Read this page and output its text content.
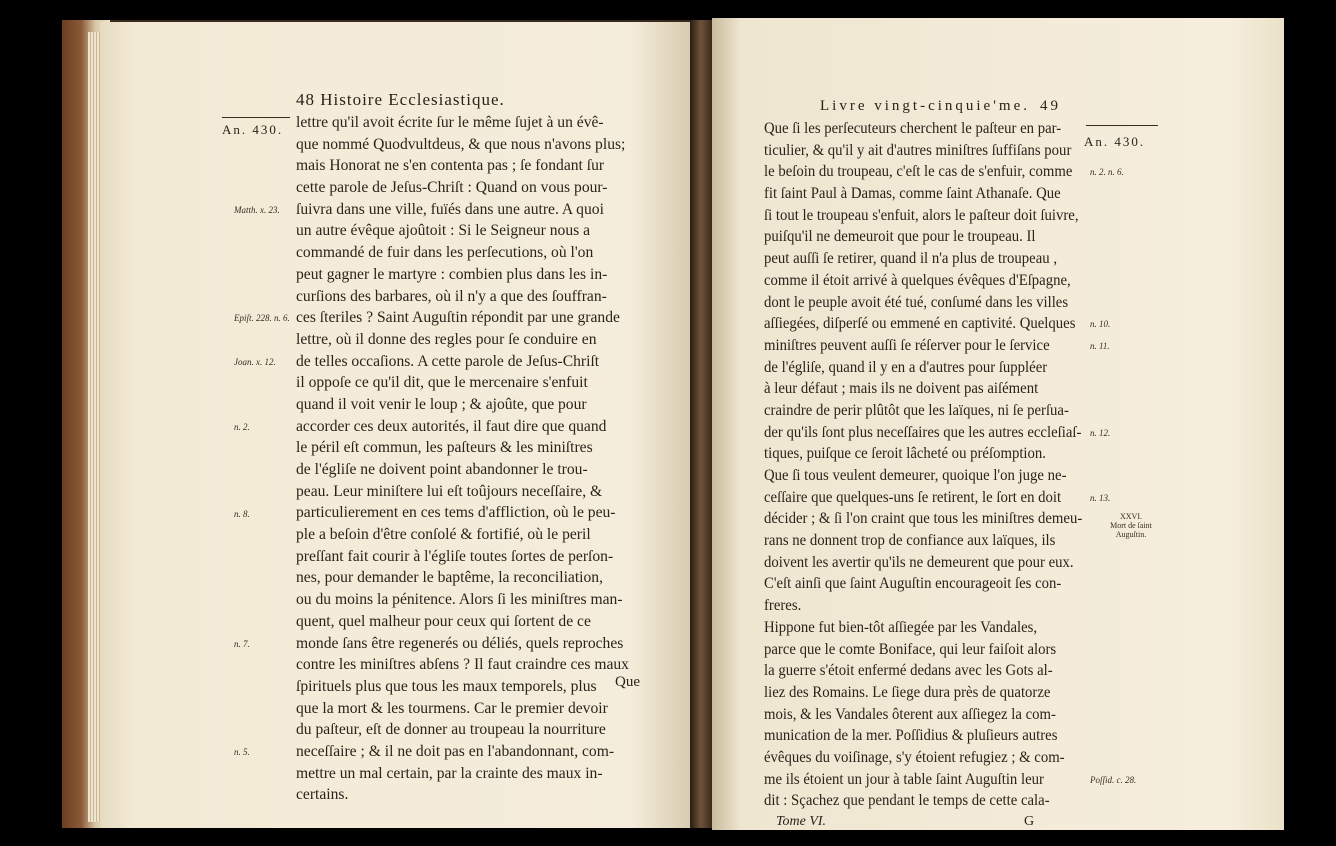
An. 430.
48 Histoire Ecclesiastique.
lettre qu'il avoit écrite ſur le même ſujet à un évê-
que nommé Quodvultdeus, & que nous n'avons plus;
mais Honorat ne s'en contenta pas ; ſe fondant ſur
cette parole de Jeſus-Chriſt : Quand on vous pour-
ſuivra dans une ville, fuïés dans une autre. A quoi
un autre évêque ajoûtoit : Si le Seigneur nous a
commandé de fuir dans les perſecutions, où l'on
peut gagner le martyre : combien plus dans les in-
curſions des barbares, où il n'y a que des ſouffran-
ces ſteriles ? Saint Auguſtin répondit par une grande
lettre, où il donne des regles pour ſe conduire en
de telles occaſions. A cette parole de Jeſus-Chriſt
il oppoſe ce qu'il dit, que le mercenaire s'enfuit
quand il voit venir le loup ; & ajoûte, que pour
accorder ces deux autorités, il faut dire que quand
le péril eſt commun, les paſteurs & les miniſtres
de l'égliſe ne doivent point abandonner le trou-
peau. Leur miniſtere lui eſt toûjours neceſſaire, &
particulierement en ces tems d'affliction, où le peu-
ple a beſoin d'être conſolé & fortifié, où le peril
preſſant fait courir à l'égliſe toutes ſortes de perſon-
nes, pour demander le baptême, la reconciliation,
ou du moins la pénitence. Alors ſi les miniſtres man-
quent, quel malheur pour ceux qui ſortent de ce
monde ſans être regenerés ou déliés, quels reproches
contre les miniſtres abſens ? Il faut craindre ces maux
ſpirituels plus que tous les maux temporels, plus
que la mort & les tourmens. Car le premier devoir
du paſteur, eſt de donner au troupeau la nourriture
neceſſaire ; & il ne doit pas en l'abandonnant, com-
mettre un mal certain, par la crainte des maux in-
certains.
Matth. x. 23.
Epiſt. 228. n. 6.
Joan. x. 12.
n. 2.
n. 8.
n. 7.
n. 5.
Que
Livre vingt-cinquie'me. 49
An. 430.
Que ſi les perſecuteurs cherchent le paſteur en par-
ticulier, & qu'il y ait d'autres miniſtres ſuffiſans pour
le beſoin du troupeau, c'eſt le cas de s'enfuir, comme
fit ſaint Paul à Damas, comme ſaint Athanaſe. Que
ſi tout le troupeau s'enfuit, alors le paſteur doit ſuivre,
puiſqu'il ne demeuroit que pour le troupeau. Il
peut auſſi ſe retirer, quand il n'a plus de troupeau ,
comme il étoit arrivé à quelques évêques d'Eſpagne,
dont le peuple avoit été tué, conſumé dans les villes
aſſiegées, diſperſé ou emmené en captivité. Quelques
miniſtres peuvent auſſi ſe réſerver pour le ſervice
de l'égliſe, quand il y en a d'autres pour ſuppléer
à leur défaut ; mais ils ne doivent pas aiſément
craindre de perir plûtôt que les laïques, ni ſe perſua-
der qu'ils ſont plus neceſſaires que les autres eccleſiaſ-
tiques, puiſque ce ſeroit lâcheté ou préſomption.
Que ſi tous veulent demeurer, quoique l'on juge ne-
ceſſaire que quelques-uns ſe retirent, le ſort en doit
décider ; & ſi l'on craint que tous les miniſtres demeu-
rans ne donnent trop de confiance aux laïques, ils
doivent les avertir qu'ils ne demeurent que pour eux.
C'eſt ainſi que ſaint Auguſtin encourageoit ſes con-
freres.
Hippone fut bien-tôt aſſiegée par les Vandales,
parce que le comte Boniface, qui leur faiſoit alors
la guerre s'étoit enfermé dedans avec les Gots al-
liez des Romains. Le ſiege dura près de quatorze
mois, & les Vandales ôterent aux aſſiegez la com-
munication de la mer. Poſſidius & pluſieurs autres
évêques du voiſinage, s'y étoient refugiez ; & com-
me ils étoient un jour à table ſaint Auguſtin leur
dit : Sçachez que pendant le temps de cette cala-
n. 2. n. 6.
n. 10.
n. 11.
n. 12.
n. 13.
Poſſid. c. 28.
XXVI.
Mort de ſaint
Auguſtin.
Tome VI.	G
